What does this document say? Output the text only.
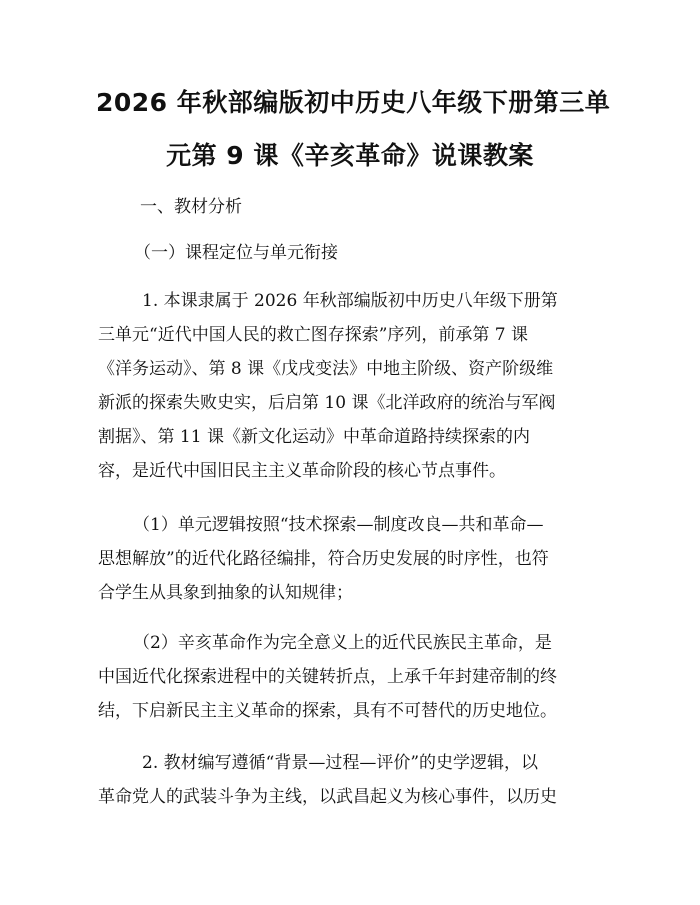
2026 年秋部编版初中历史八年级下册第三单
元第 9 课《辛亥革命》说课教案

一、教材分析

（一）课程定位与单元衔接

1. 本课隶属于 2026 年秋部编版初中历史八年级下册第

三单元“近代中国人民的救亡图存探索”序列，前承第 7 课

《洋务运动》、第 8 课《戊戌变法》中地主阶级、资产阶级维

新派的探索失败史实，后启第 10 课《北洋政府的统治与军阀

割据》、第 11 课《新文化运动》中革命道路持续探索的内

容，是近代中国旧民主主义革命阶段的核心节点事件。

（1）单元逻辑按照“技术探索—制度改良—共和革命—

思想解放”的近代化路径编排，符合历史发展的时序性，也符

合学生从具象到抽象的认知规律；

（2）辛亥革命作为完全意义上的近代民族民主革命，是

中国近代化探索进程中的关键转折点，上承千年封建帝制的终

结，下启新民主主义革命的探索，具有不可替代的历史地位。

2. 教材编写遵循“背景—过程—评价”的史学逻辑，以

革命党人的武装斗争为主线，以武昌起义为核心事件，以历史
